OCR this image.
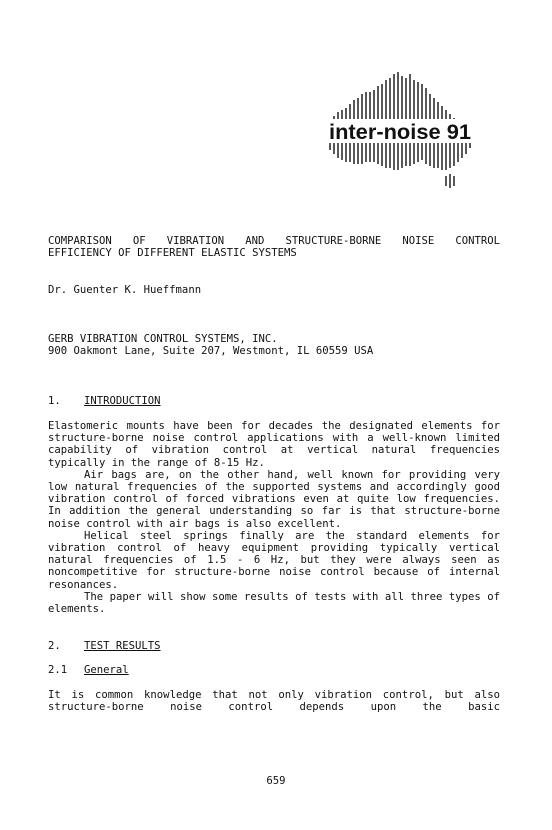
inter-noise 91
COMPARISON OF VIBRATION AND STRUCTURE-BORNE NOISE CONTROL
EFFICIENCY OF DIFFERENT ELASTIC SYSTEMS
Dr. Guenter K. Hueffmann
GERB VIBRATION CONTROL SYSTEMS, INC.
900 Oakmont Lane, Suite 207, Westmont, IL 60559 USA
1. INTRODUCTION
Elastomeric mounts have been for decades the designated elements for structure-borne noise control applications with a well-known limited capability of vibration control at vertical natural frequencies typically in the range of 8-15 Hz.
Air bags are, on the other hand, well known for providing very low natural frequencies of the supported systems and accordingly good vibration control of forced vibrations even at quite low frequencies. In addition the general understanding so far is that structure-borne noise control with air bags is also excellent.
Helical steel springs finally are the standard elements for vibration control of heavy equipment providing typically vertical natural frequencies of 1.5 - 6 Hz, but they were always seen as noncompetitive for structure-borne noise control because of internal resonances.
The paper will show some results of tests with all three types of elements.
2. TEST RESULTS
2.1 General
It is common knowledge that not only vibration control, but also structure-borne noise control depends upon the basic
659
